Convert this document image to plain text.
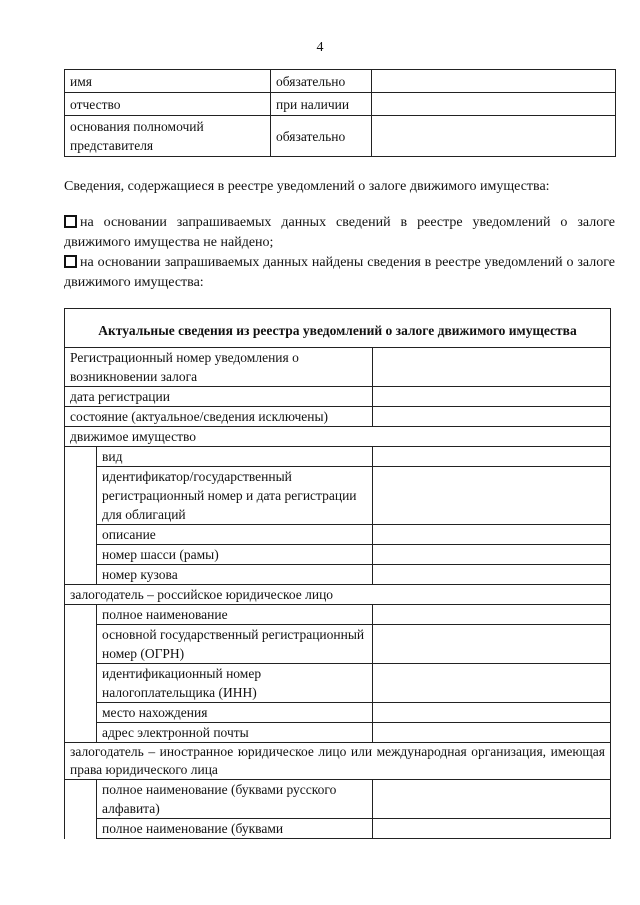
4
имя	обязательно	
отчество	при наличии	
основания полномочий представителя	обязательно	
Сведения, содержащиеся в реестре уведомлений о залоге движимого имущества:
на основании запрашиваемых данных сведений в реестре уведомлений о залоге движимого имущества не найдено;
на основании запрашиваемых данных найдены сведения в реестре уведомлений о залоге движимого имущества:
Актуальные сведения из реестра уведомлений о залоге движимого имущества		
Регистрационный номер уведомления о возникновении залога		
дата регистрации		
состояние (актуальное/сведения исключены)		
движимое имущество		
	вид	
	идентификатор/государственный регистрационный номер и дата регистрации для облигаций	
	описание	
	номер шасси (рамы)	
	номер кузова	
залогодатель – российское юридическое лицо		
	полное наименование	
	основной государственный регистрационный номер (ОГРН)	
	идентификационный номер налогоплательщика (ИНН)	
	место нахождения	
	адрес электронной почты	
залогодатель – иностранное юридическое лицо или международная организация, имеющая права юридического лица		
	полное наименование (буквами русского алфавита)	
	полное наименование (буквами	
